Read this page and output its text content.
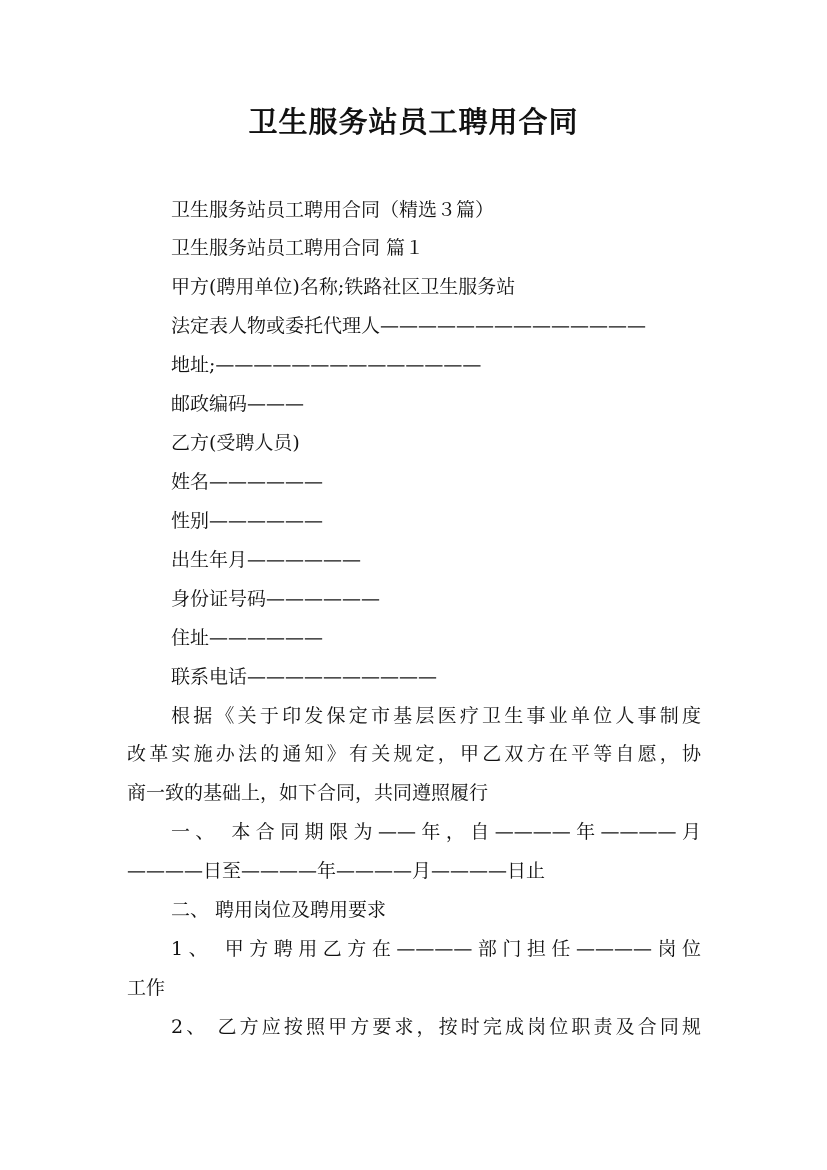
卫生服务站员工聘用合同
卫生服务站员工聘用合同（精选３篇）
卫生服务站员工聘用合同 篇１
甲方(聘用单位)名称;铁路社区卫生服务站
法定表人物或委托代理人——————————————
地址;——————————————
邮政编码———
乙方(受聘人员)
姓名——————
性别——————
出生年月——————
身份证号码——————
住址——————
联系电话——————————
根据《关于印发保定市基层医疗卫生事业单位人事制度
改革实施办法的通知》有关规定，甲乙双方在平等自愿，协
商一致的基础上，如下合同，共同遵照履行
一、 本合同期限为——年，自————年————月
————日至————年————月————日止
二、 聘用岗位及聘用要求
1、 甲方聘用乙方在————部门担任————岗位
工作
2、 乙方应按照甲方要求，按时完成岗位职责及合同规
